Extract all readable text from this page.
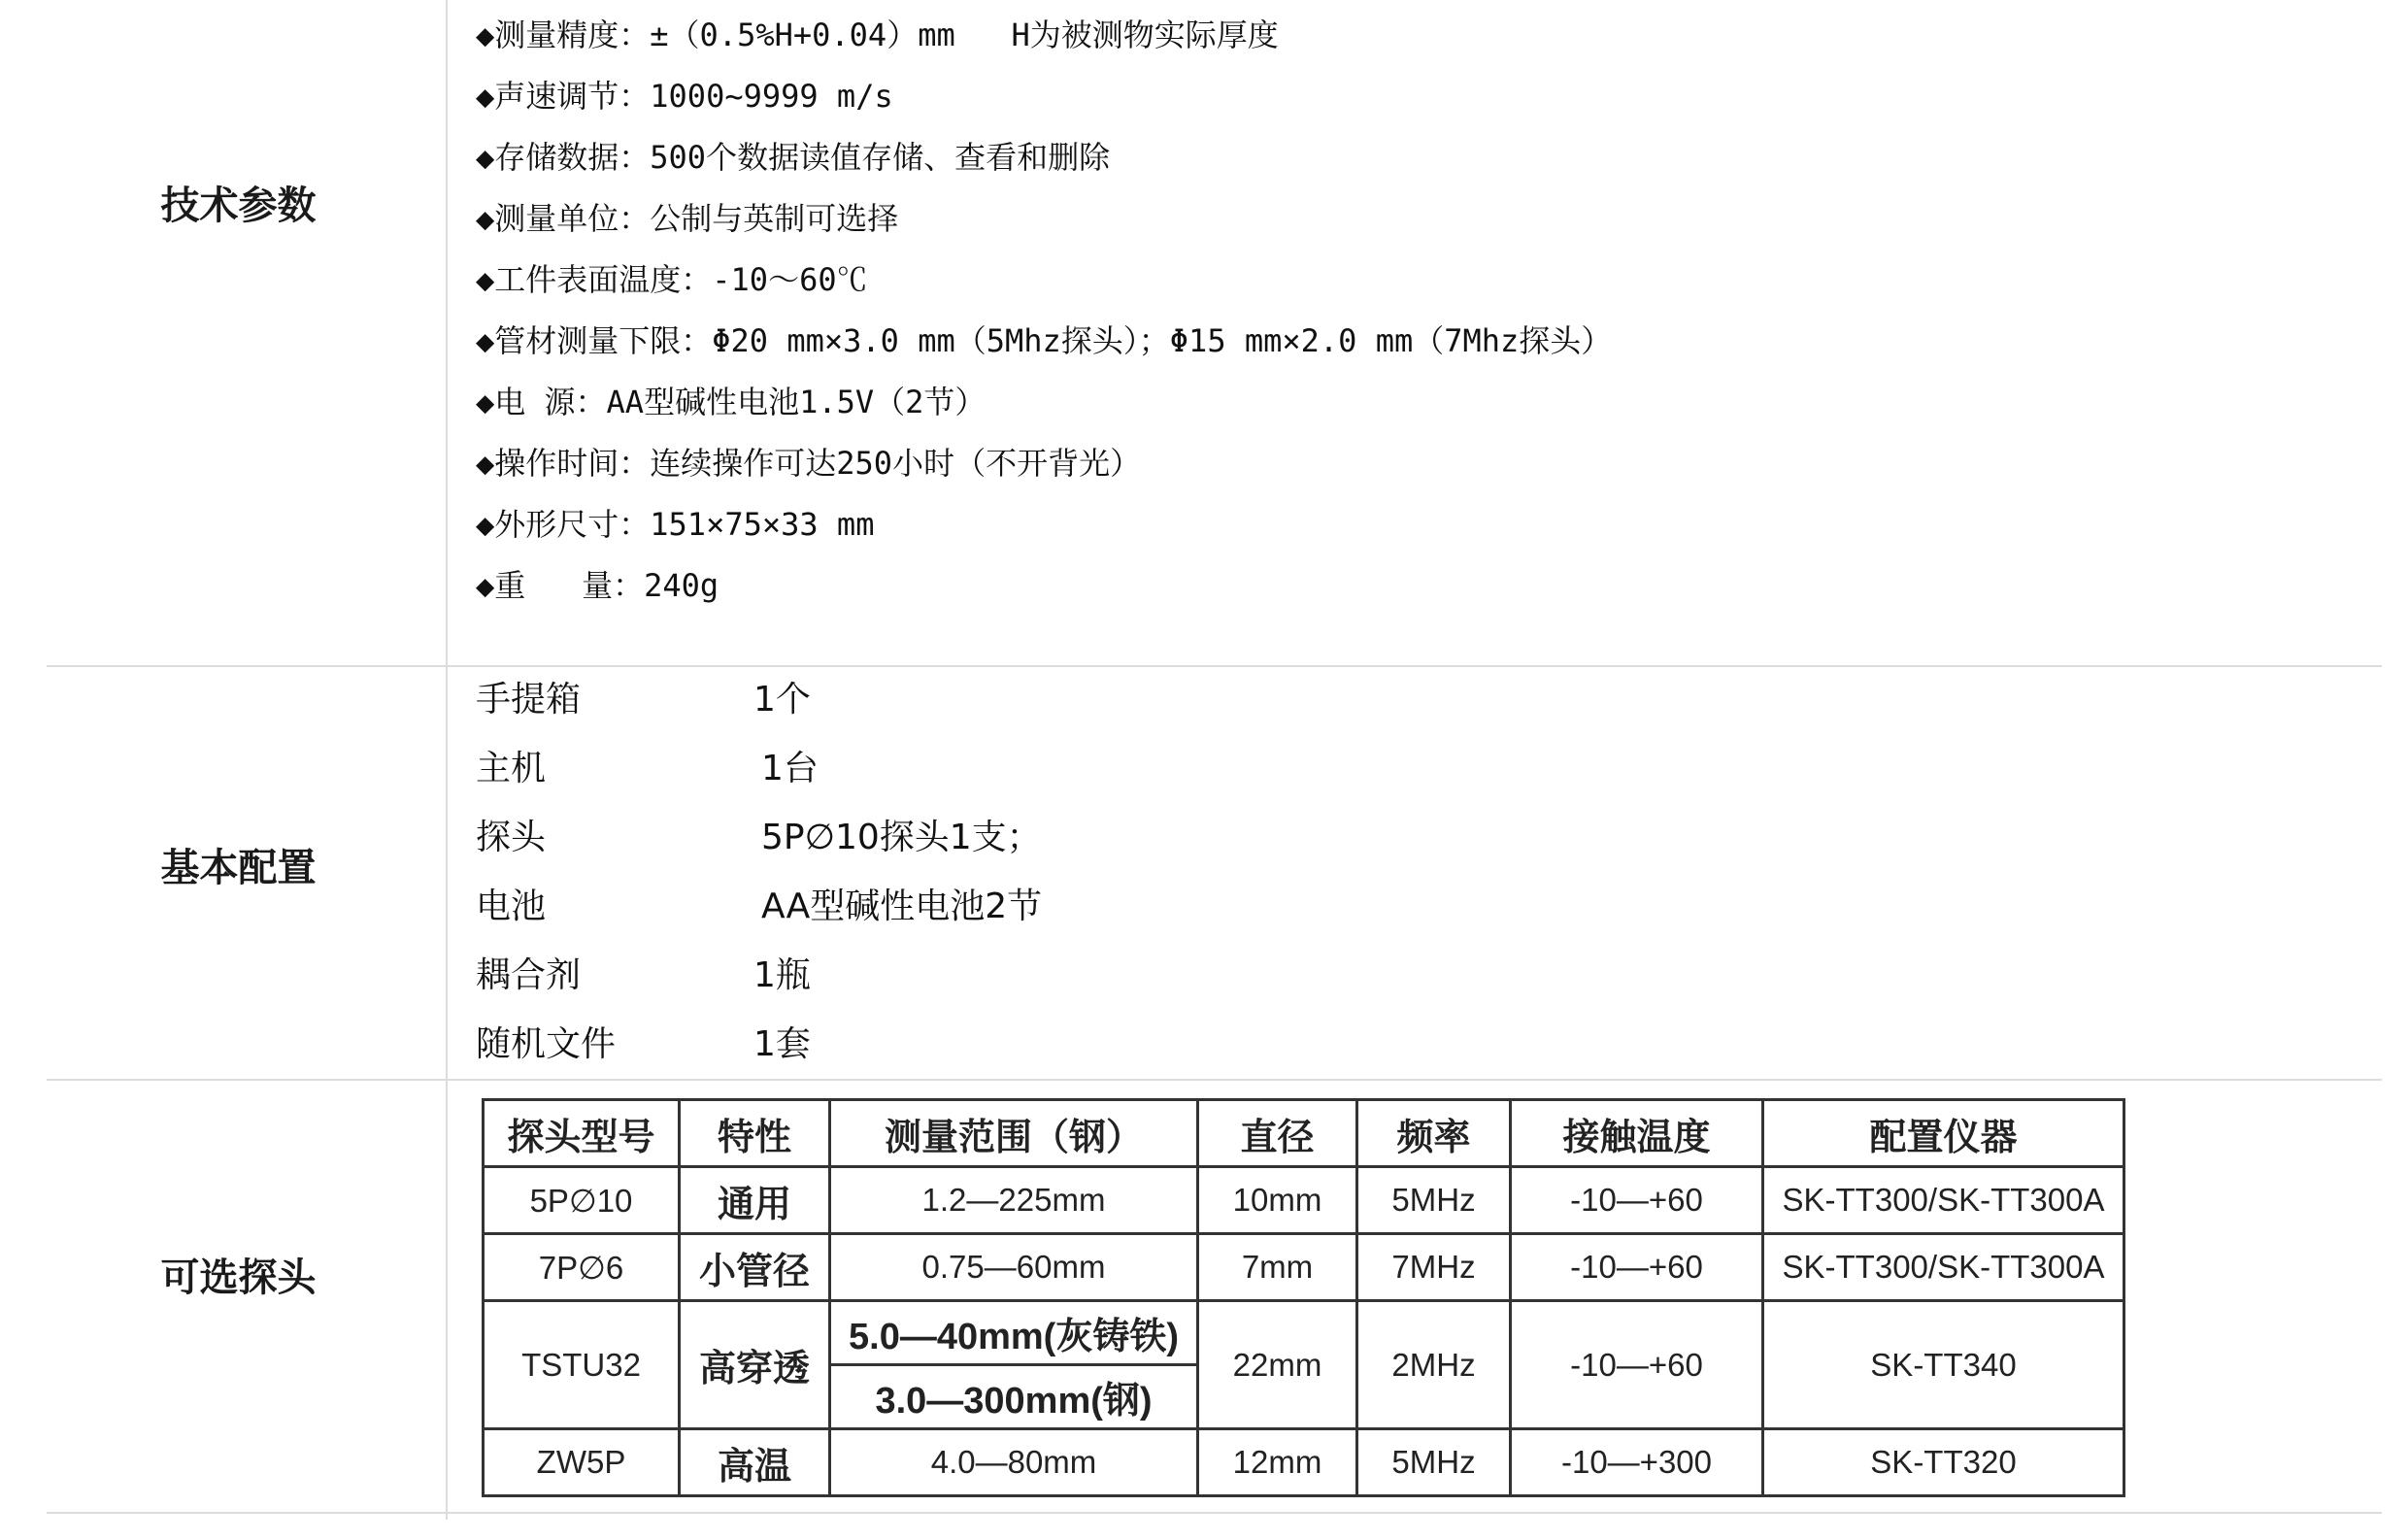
技术参数
基本配置
可选探头
◆测量精度：±（0.5%H+0.04）mm   H为被测物实际厚度
◆声速调节：1000~9999 m/s
◆存储数据：500个数据读值存储、查看和删除
◆测量单位：公制与英制可选择
◆工件表面温度：-10～60℃
◆管材测量下限：Φ20 mm×3.0 mm（5Mhz探头）；Φ15 mm×2.0 mm（7Mhz探头）
◆电 源：AA型碱性电池1.5V（2节）
◆操作时间：连续操作可达250小时（不开背光）
◆外形尺寸：151×75×33 mm
◆重   量：240g
手提箱	1个
主机	1台
探头	5P∅10探头1支；
电池	AA型碱性电池2节
耦合剂	1瓶
随机文件	1套
探头型号	特性	测量范围（钢）	直径	频率	接触温度	配置仪器
5P∅10	通用	1.2—225mm	10mm	5MHz	-10—+60	SK-TT300/SK-TT300A
7P∅6	小管径	0.75—60mm	7mm	7MHz	-10—+60	SK-TT300/SK-TT300A
TSTU32	高穿透	5.0—40mm(灰铸铁)	22mm	2MHz	-10—+60	SK-TT340
		3.0—300mm(钢)				
ZW5P	高温	4.0—80mm	12mm	5MHz	-10—+300	SK-TT320
